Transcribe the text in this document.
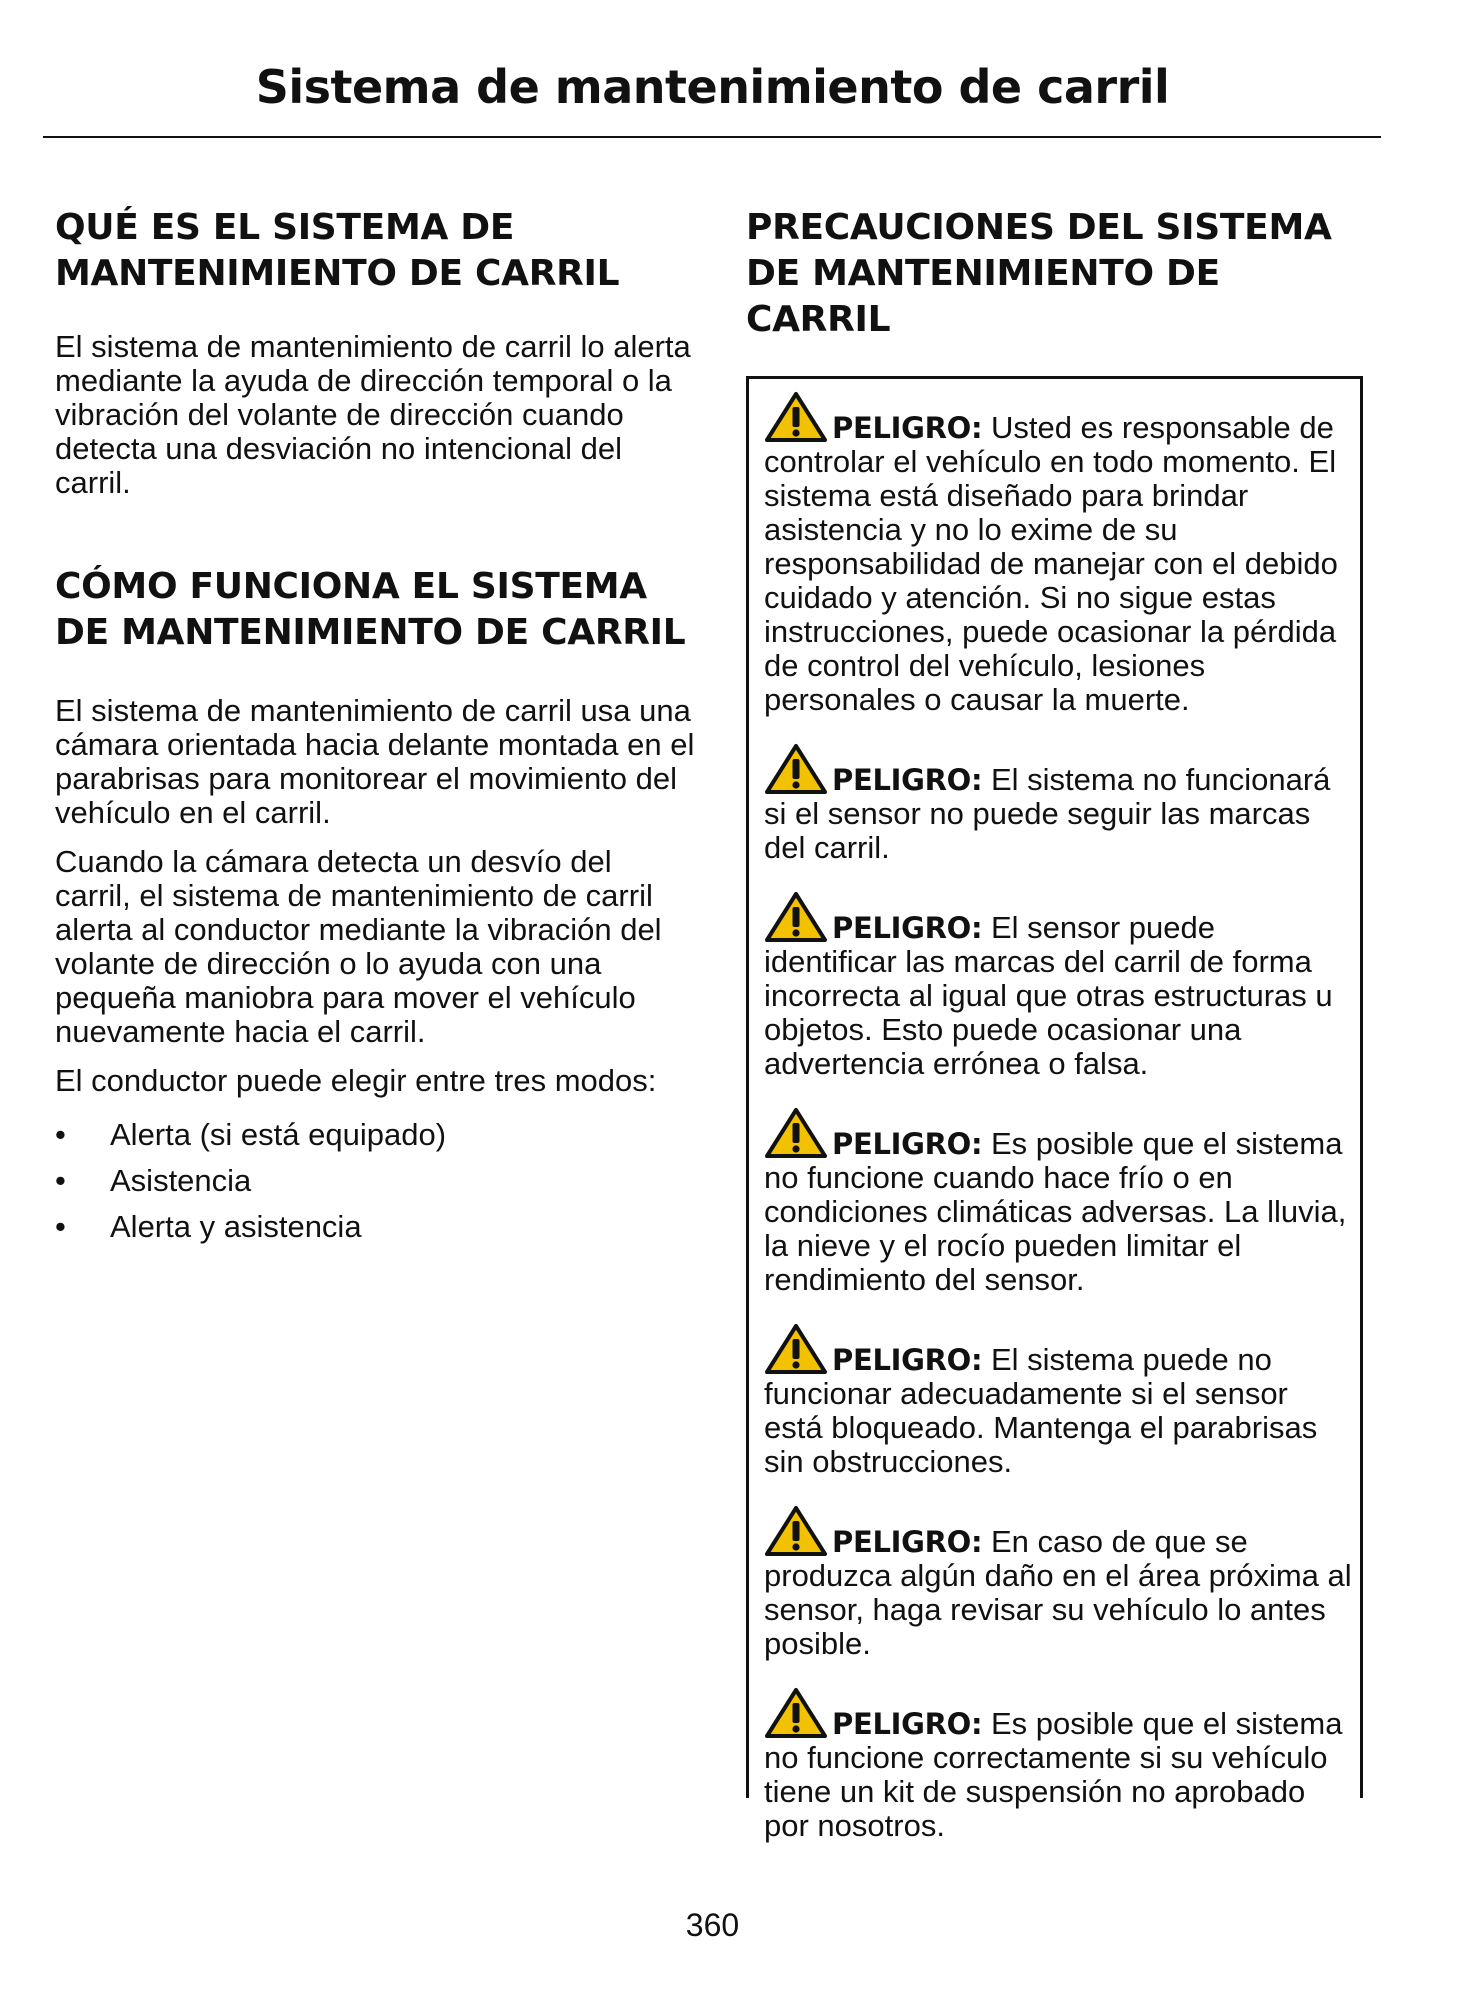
Sistema de mantenimiento de carril
QUÉ ES EL SISTEMA DE MANTENIMIENTO DE CARRIL

El sistema de mantenimiento de carril lo alerta mediante la ayuda de dirección temporal o la vibración del volante de dirección cuando detecta una desviación no intencional del carril.

CÓMO FUNCIONA EL SISTEMA DE MANTENIMIENTO DE CARRIL

El sistema de mantenimiento de carril usa una cámara orientada hacia delante montada en el parabrisas para monitorear el movimiento del vehículo en el carril.

Cuando la cámara detecta un desvío del carril, el sistema de mantenimiento de carril alerta al conductor mediante la vibración del volante de dirección o lo ayuda con una pequeña maniobra para mover el vehículo nuevamente hacia el carril.

El conductor puede elegir entre tres modos:

• Alerta (si está equipado)
• Asistencia
• Alerta y asistencia
PRECAUCIONES DEL SISTEMA DE MANTENIMIENTO DE CARRIL

PELIGRO: Usted es responsable de controlar el vehículo en todo momento. El sistema está diseñado para brindar asistencia y no lo exime de su responsabilidad de manejar con el debido cuidado y atención. Si no sigue estas instrucciones, puede ocasionar la pérdida de control del vehículo, lesiones personales o causar la muerte.

PELIGRO: El sistema no funcionará si el sensor no puede seguir las marcas del carril.

PELIGRO: El sensor puede identificar las marcas del carril de forma incorrecta al igual que otras estructuras u objetos. Esto puede ocasionar una advertencia errónea o falsa.

PELIGRO: Es posible que el sistema no funcione cuando hace frío o en condiciones climáticas adversas. La lluvia, la nieve y el rocío pueden limitar el rendimiento del sensor.

PELIGRO: El sistema puede no funcionar adecuadamente si el sensor está bloqueado. Mantenga el parabrisas sin obstrucciones.

PELIGRO: En caso de que se produzca algún daño en el área próxima al sensor, haga revisar su vehículo lo antes posible.

PELIGRO: Es posible que el sistema no funcione correctamente si su vehículo tiene un kit de suspensión no aprobado por nosotros.

360
